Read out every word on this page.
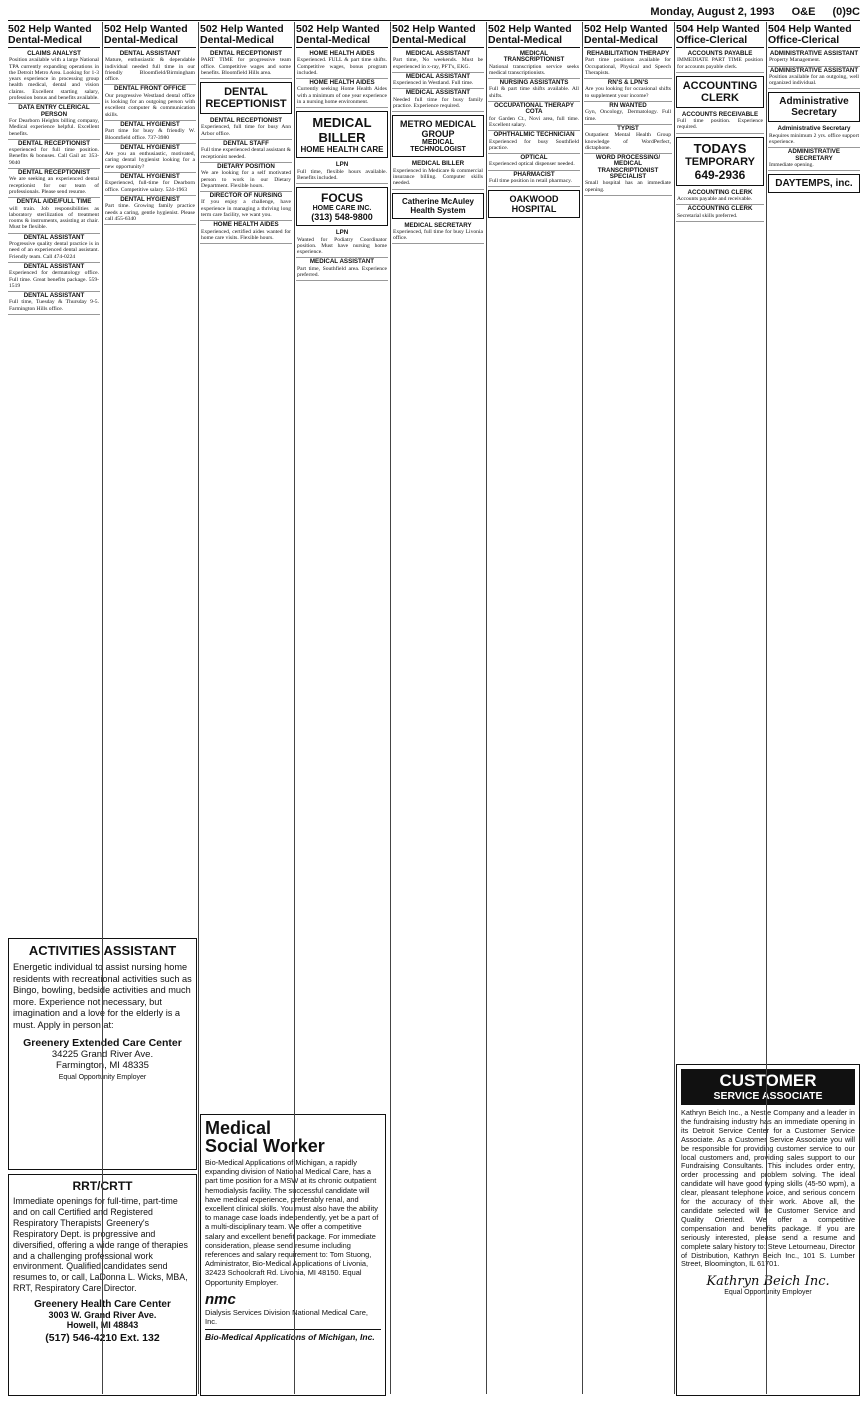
Monday, August 2, 1993 O&E (0)9C
502 Help Wanted Dental-Medical
CLAIMS ANALYST
Position available with a large National TPA currently expanding operations in the Detroit Metro Area. Looking for 1-3 years experience in processing group health medical, dental and vision claims. Excellent starting salary, profession bonus and benefits available.
DATA ENTRY CLERICAL PERSON
For Dearborn Heights billing company, Medical experience helpful. Excellent benefits.
DENTAL RECEPTIONIST
experienced for full time position. Benefits & bonuses. Call Gail at: 353-9040
DENTAL RECEPTIONIST
We are seeking an experienced dental receptionist for our team of professionals. Please send resume.
DENTAL AIDE/FULL TIME
will train. Job responsibilities as laboratory sterilization of treatment rooms & instruments, assisting at chair. Must be flexible.
DENTAL ASSISTANT
Progressive quality dental practice is in need of an experienced dental assistant. Friendly team. Call 474-0224
DENTAL ASSISTANT
Experienced for dermatology office. Full time. Great benefits package. 559-1519
DENTAL ASSISTANT
Full time, Tuesday & Thursday 9-5. Farmington Hills office.
502 Help Wanted Dental-Medical
DENTAL ASSISTANT
Mature, enthusiastic & dependable individual needed full time in our friendly Bloomfield/Birmingham office.
DENTAL FRONT OFFICE
Our progressive Westland dental office is looking for an outgoing person with excellent computer & communication skills.
DENTAL HYGIENIST
Part time for busy & friendly W. Bloomfield office. 737-3980
DENTAL HYGIENIST
Are you an enthusiastic, motivated, caring dental hygienist looking for a new opportunity?
DENTAL HYGIENIST
Experienced, full-time for Dearborn office. Competitive salary. 524-1963
DENTAL HYGIENIST
Part time. Growing family practice needs a caring, gentle hygienist. Please call 455-6340
502 Help Wanted Dental-Medical
DENTAL RECEPTIONIST
PART TIME for progressive team office. Competitive wages and some benefits. Bloomfield Hills area.
DENTAL RECEPTIONIST
DENTAL RECEPTIONIST
Experienced, full time for busy Ann Arbor office.
DENTAL STAFF
Full time experienced dental assistant & receptionist needed.
DIETARY POSITION
We are looking for a self motivated person to work in our Dietary Department. Flexible hours.
DIRECTOR OF NURSING
If you enjoy a challenge, have experience in managing a thriving long term care facility, we want you.
HOME HEALTH AIDES
Experienced, certified aides wanted for home care visits. Flexible hours.
502 Help Wanted Dental-Medical
HOME HEALTH AIDES
Experienced. FULL & part time shifts. Competitive wages, bonus program included.
HOME HEALTH AIDES
Currently seeking Home Health Aides with a minimum of one year experience in a nursing home environment.
MEDICAL
BILLER
HOME HEALTH CARE
LPN
Full time, flexible hours available. Benefits included.
FOCUS
HOME CARE INC.
(313) 548-9800
LPN
Wanted for Podiatry Coordinator position. Must have nursing home experience.
MEDICAL ASSISTANT
Part time, Southfield area. Experience preferred.
502 Help Wanted Dental-Medical
MEDICAL ASSISTANT
Part time, No weekends. Must be experienced in x-ray, PFT's, EKG.
MEDICAL ASSISTANT
Experienced in Westland. Full time.
MEDICAL ASSISTANT
Needed full time for busy family practice. Experience required.
METRO MEDICAL GROUP
MEDICAL TECHNOLOGIST
MEDICAL BILLER
Experienced in Medicare & commercial insurance billing. Computer skills needed.
Catherine McAuley Health System
MEDICAL SECRETARY
Experienced, full time for busy Livonia office.
502 Help Wanted Dental-Medical
MEDICAL TRANSCRIPTIONIST
National transcription service seeks medical transcriptionists.
NURSING ASSISTANTS
Full & part time shifts available. All shifts.
OCCUPATIONAL THERAPY COTA
for Garden Ct., Novi area, full time. Excellent salary.
OPHTHALMIC TECHNICIAN
Experienced for busy Southfield practice.
OPTICAL
Experienced optical dispenser needed.
PHARMACIST
Full time position in retail pharmacy.
OAKWOOD HOSPITAL
502 Help Wanted Dental-Medical
REHABILITATION THERAPY
Part time positions available for Occupational, Physical and Speech Therapists.
RN'S & LPN'S
Are you looking for occasional shifts to supplement your income?
RN WANTED
Gyn, Oncology, Dermatology. Full time.
TYPIST
Outpatient Mental Health Group knowledge of WordPerfect, dictaphone.
WORD PROCESSING/ MEDICAL TRANSCRIPTIONIST SPECIALIST
Small hospital has an immediate opening.
504 Help Wanted Office-Clerical
ACCOUNTS PAYABLE
IMMEDIATE PART TIME position for accounts payable clerk.
ACCOUNTING CLERK
ACCOUNTS RECEIVABLE
Full time position. Experience required.
TODAYS
TEMPORARY
649-2936
ACCOUNTING CLERK
Accounts payable and receivable.
ACCOUNTING CLERK
Secretarial skills preferred.
504 Help Wanted Office-Clerical
ADMINISTRATIVE ASSISTANT
Property Management.
ADMINISTRATIVE ASSISTANT
Position available for an outgoing, well organized individual.
Administrative
Secretary
Administrative Secretary
Requires minimum 2 yrs. office support experience.
ADMINISTRATIVE SECRETARY
Immediate opening.
DAYTEMPS, inc.

ACTIVITIES ASSISTANT

Energetic individual to assist nursing home residents with recreational activities such as Bingo, bowling, bedside activities and much more. Experience not necessary, but imagination and a love for the elderly is a must. Apply in person at:

Greenery Extended Care Center

34225 Grand River Ave.

Farmington, MI 48335

Equal Opportunity Employer

RRT/CRTT

Immediate openings for full-time, part-time and on call Certified and Registered Respiratory Therapists. Greenery's Respiratory Dept. is progressive and diversified, offering a wide range of therapies and a challenging professional work environment. Qualified candidates send resumes to, or call, LaDonna L. Wicks, MBA, RRT, Respiratory Care Director.

Greenery Health Care Center

3003 W. Grand River Ave.

Howell, MI 48843

(517) 546-4210 Ext. 132

Medical

Social Worker

Bio-Medical Applications of Michigan, a rapidly expanding division of National Medical Care, has a part time position for a MSW at its chronic outpatient hemodialysis facility. The successful candidate will have medical experience, preferably renal, and excellent clinical skills. You must also have the ability to manage case loads independently, yet be a part of a multi-disciplinary team. We offer a competitive salary and excellent benefit package. For immediate consideration, please send resume including references and salary requirement to: Tom Stuong, Administrator, Bio-Medical Applications of Livonia, 32423 Schoolcraft Rd. Livonia, MI 48150. Equal Opportunity Employer.

nmc

Dialysis Services Division National Medical Care, Inc.

Bio-Medical Applications of Michigan, Inc.

CUSTOMER

SERVICE ASSOCIATE

Kathryn Beich Inc., a Nestle Company and a leader in the fundraising industry has an immediate opening in its Detroit Service Center for a Customer Service Associate. As a Customer Service Associate you will be responsible for providing customer service to our local customers and, providing sales support to our Fundraising Consultants. This includes order entry, order processing and problem solving. The ideal candidate will have good typing skills (45-50 wpm), a clear, pleasant telephone voice, and serious concern for the accuracy of their work. Above all, the candidate selected will be Customer Service and Quality Oriented. We offer a competitive compensation and benefits package. If you are seriously interested, please send a resume and complete salary history to: Steve Letourneau, Director of Distribution, Kathryn Beich Inc., 101 S. Lumber Street, Bloomington, IL 61701.

Kathryn Beich Inc.

Equal Opportunity Employer
